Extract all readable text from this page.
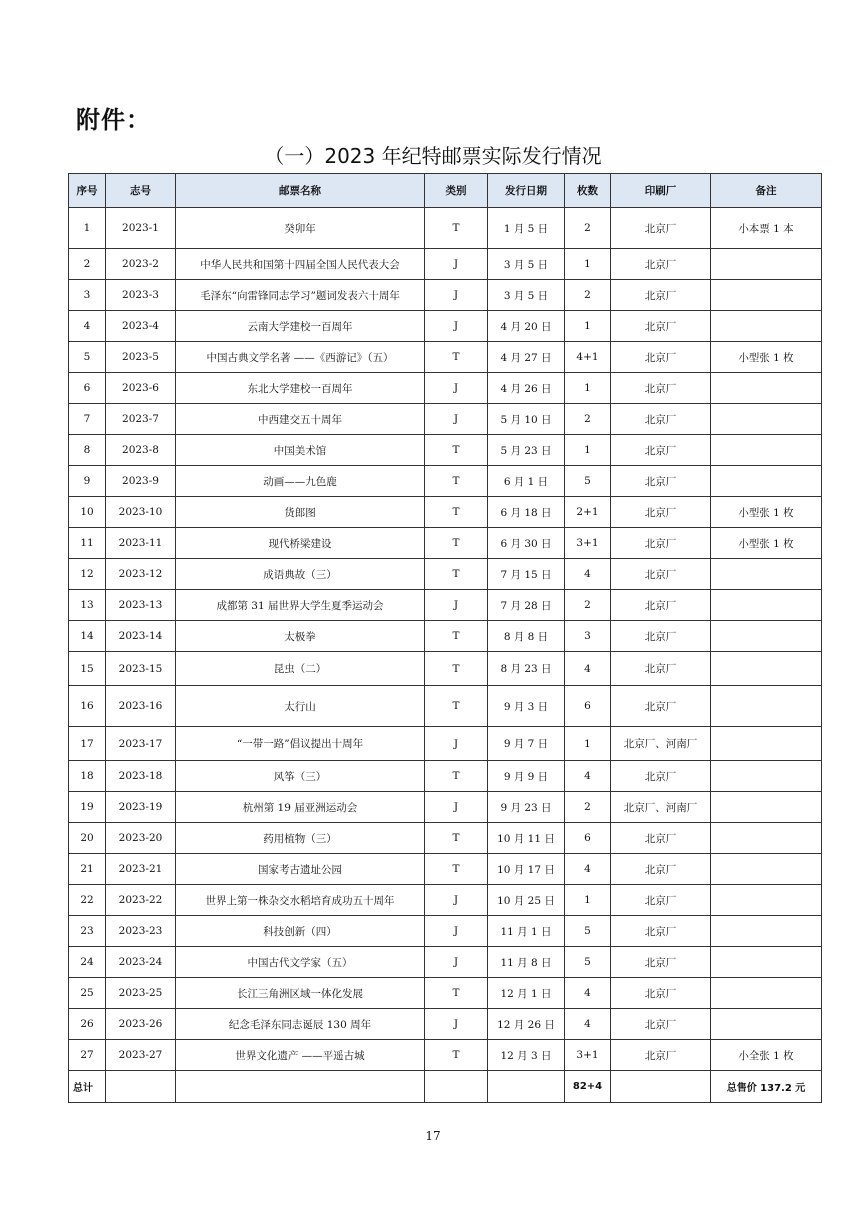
附件：
（一）2023 年纪特邮票实际发行情况
序号	志号	邮票名称	类别	发行日期	枚数	印刷厂	备注
1	2023-1	癸卯年	T	1 月 5 日	2	北京厂	小本票 1 本
2	2023-2	中华人民共和国第十四届全国人民代表大会	J	3 月 5 日	1	北京厂	
3	2023-3	毛泽东“向雷锋同志学习”题词发表六十周年	J	3 月 5 日	2	北京厂	
4	2023-4	云南大学建校一百周年	J	4 月 20 日	1	北京厂	
5	2023-5	中国古典文学名著 ——《西游记》（五）	T	4 月 27 日	4+1	北京厂	小型张 1 枚
6	2023-6	东北大学建校一百周年	J	4 月 26 日	1	北京厂	
7	2023-7	中西建交五十周年	J	5 月 10 日	2	北京厂	
8	2023-8	中国美术馆	T	5 月 23 日	1	北京厂	
9	2023-9	动画——九色鹿	T	6 月 1 日	5	北京厂	
10	2023-10	货郎图	T	6 月 18 日	2+1	北京厂	小型张 1 枚
11	2023-11	现代桥梁建设	T	6 月 30 日	3+1	北京厂	小型张 1 枚
12	2023-12	成语典故（三）	T	7 月 15 日	4	北京厂	
13	2023-13	成都第 31 届世界大学生夏季运动会	J	7 月 28 日	2	北京厂	
14	2023-14	太极拳	T	8 月 8 日	3	北京厂	
15	2023-15	昆虫（二）	T	8 月 23 日	4	北京厂	
16	2023-16	太行山	T	9 月 3 日	6	北京厂	
17	2023-17	“一带一路”倡议提出十周年	J	9 月 7 日	1	北京厂、河南厂	
18	2023-18	风筝（三）	T	9 月 9 日	4	北京厂	
19	2023-19	杭州第 19 届亚洲运动会	J	9 月 23 日	2	北京厂、河南厂	
20	2023-20	药用植物（三）	T	10 月 11 日	6	北京厂	
21	2023-21	国家考古遗址公园	T	10 月 17 日	4	北京厂	
22	2023-22	世界上第一株杂交水稻培育成功五十周年	J	10 月 25 日	1	北京厂	
23	2023-23	科技创新（四）	J	11 月 1 日	5	北京厂	
24	2023-24	中国古代文学家（五）	J	11 月 8 日	5	北京厂	
25	2023-25	长江三角洲区域一体化发展	T	12 月 1 日	4	北京厂	
26	2023-26	纪念毛泽东同志诞辰 130 周年	J	12 月 26 日	4	北京厂	
27	2023-27	世界文化遗产 ——平遥古城	T	12 月 3 日	3+1	北京厂	小全张 1 枚
总计					82+4		总售价 137.2 元
17
